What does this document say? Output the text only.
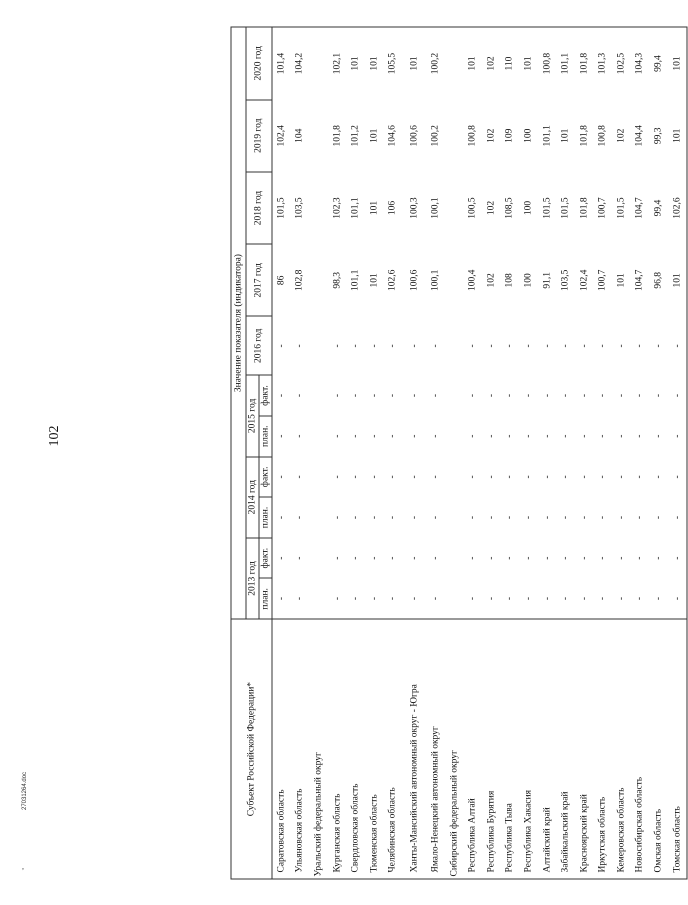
102
Субъект Российской Федерации*	Значение показателя (индикатора)										
	2013 год		2014 год		2015 год		2016 год	2017 год	2018 год	2019 год	2020 год
	план.	факт.	план.	факт.	план.	факт.					
Саратовская область	-	-	-	-	-	-	-	86	101,5	102,4	101,4
Ульяновская область	-	-	-	-	-	-	-	102,8	103,5	104	104,2
Уральский федеральный округ											
Курганская область	-	-	-	-	-	-	-	98,3	102,3	101,8	102,1
Свердловская область	-	-	-	-	-	-	-	101,1	101,1	101,2	101
Тюменская область	-	-	-	-	-	-	-	101	101	101	101
Челябинская область	-	-	-	-	-	-	-	102,6	106	104,6	105,5
Ханты-Мансийский автономный округ - Югра	-	-	-	-	-	-	-	100,6	100,3	100,6	101
Ямало-Ненецкий автономный округ	-	-	-	-	-	-	-	100,1	100,1	100,2	100,2
Сибирский федеральный округ											
Республика Алтай	-	-	-	-	-	-	-	100,4	100,5	100,8	101
Республика Бурятия	-	-	-	-	-	-	-	102	102	102	102
Республика Тыва	-	-	-	-	-	-	-	108	108,5	109	110
Республика Хакасия	-	-	-	-	-	-	-	100	100	100	101
Алтайский край	-	-	-	-	-	-	-	91,1	101,5	101,1	100,8
Забайкальский край	-	-	-	-	-	-	-	103,5	101,5	101	101,1
Красноярский край	-	-	-	-	-	-	-	102,4	101,8	101,8	101,8
Иркутская область	-	-	-	-	-	-	-	100,7	100,7	100,8	101,3
Кемеровская область	-	-	-	-	-	-	-	101	101,5	102	102,5
Новосибирская область	-	-	-	-	-	-	-	104,7	104,7	104,4	104,3
Омская область	-	-	-	-	-	-	-	96,8	99,4	99,3	99,4
Томская область	-	-	-	-	-	-	-	101	102,6	101	101
27031264.doc
,
